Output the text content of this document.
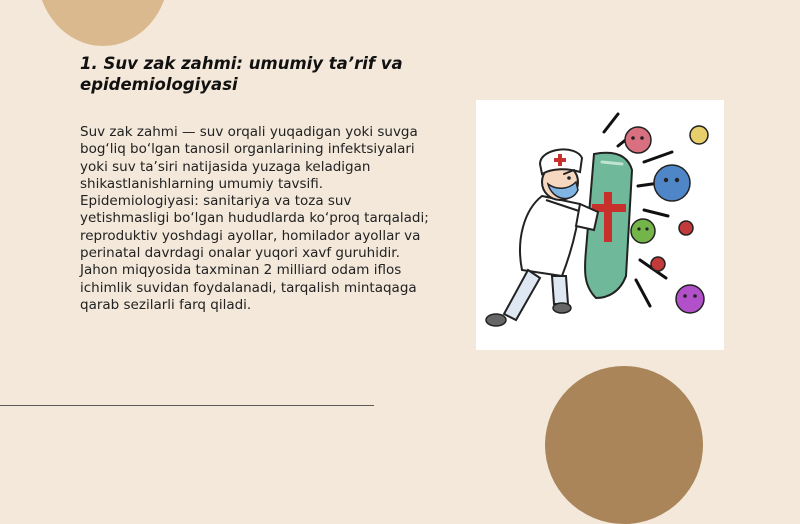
1. Suv zak zahmi: umumiy ta’rif va epidemiologiyasi

Suv zak zahmi — suv orqali yuqadigan yoki suvga bog‘liq bo‘lgan tanosil organlarining infektsiyalari yoki suv ta’siri natijasida yuzaga keladigan shikastlanishlarning umumiy tavsifi. Epidemiologiyasi: sanitariya va toza suv yetishmasligi bo‘lgan hududlarda ko‘proq tarqaladi; reproduktiv yoshdagi ayollar, homilador ayollar va perinatal davrdagi onalar yuqori xavf guruhidir. Jahon miqyosida taxminan 2 milliard odam iflos ichimlik suvidan foydalanadi, tarqalish mintaqaga qarab sezilarli farq qiladi.
